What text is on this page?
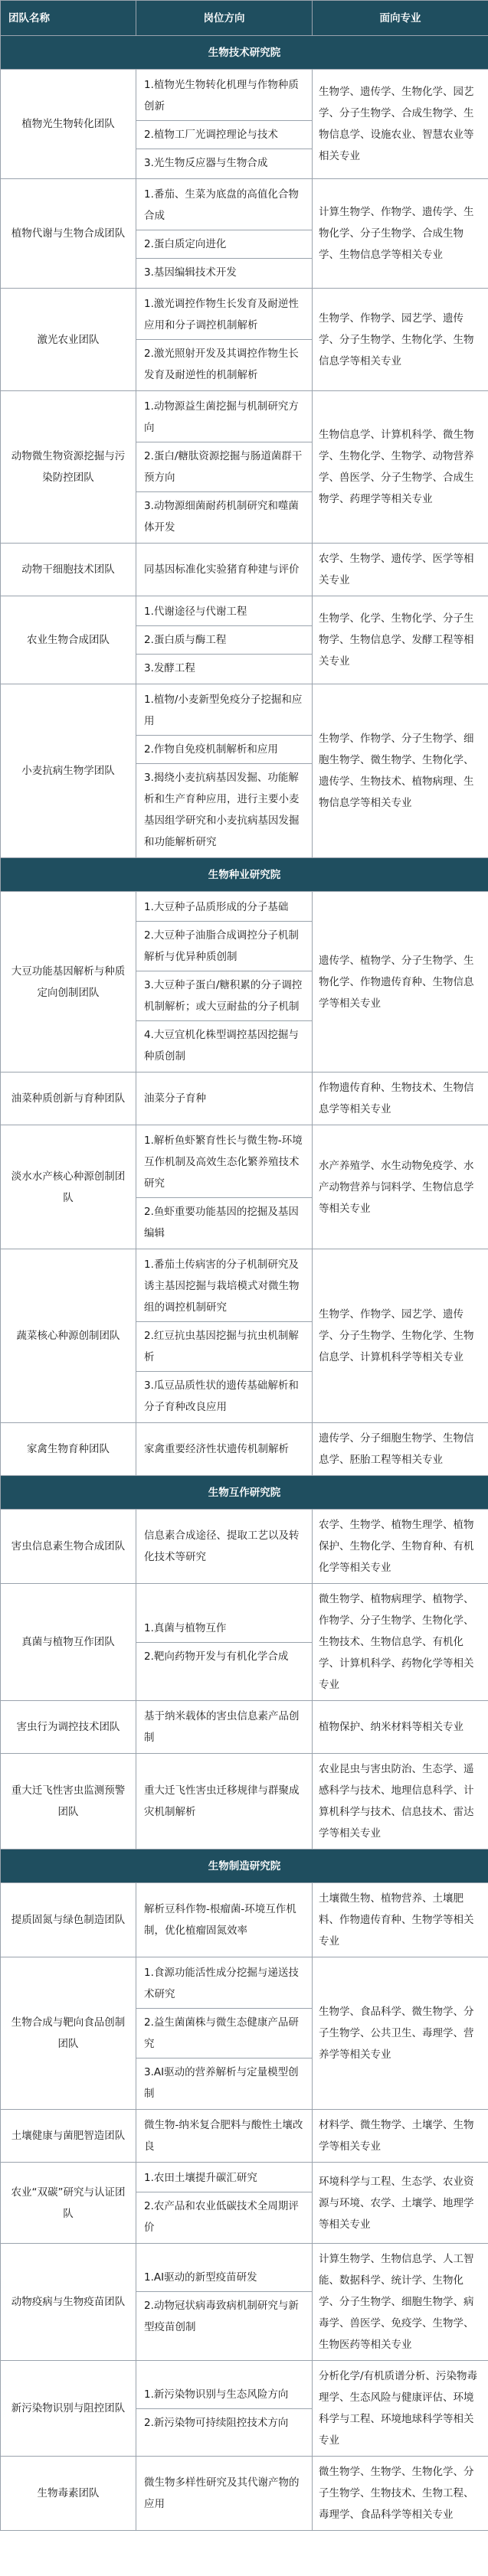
团队名称	岗位方向	面向专业
生物技术研究院		
植物光生物转化团队	1.植物光生物转化机理与作物种质创新

2.植物工厂光调控理论与技术

3.光生物反应器与生物合成	生物学、遗传学、生物化学、园艺学、分子生物学、合成生物学、生物信息学、设施农业、智慧农业等相关专业
植物代谢与生物合成团队	1.番茄、生菜为底盘的高值化合物合成

2.蛋白质定向进化

3.基因编辑技术开发	计算生物学、作物学、遗传学、生物化学、分子生物学、合成生物学、生物信息学等相关专业
激光农业团队	1.激光调控作物生长发育及耐逆性应用和分子调控机制解析

2.激光照射开发及其调控作物生长发育及耐逆性的机制解析	生物学、作物学、园艺学、遗传学、分子生物学、生物化学、生物信息学等相关专业
动物微生物资源挖掘与污染防控团队	1.动物源益生菌挖掘与机制研究方向

2.蛋白/糖肽资源挖掘与肠道菌群干预方向

3.动物源细菌耐药机制研究和噬菌体开发	生物信息学、计算机科学、微生物学、生物化学、生物学、动物营养学、兽医学、分子生物学、合成生物学、药理学等相关专业
动物干细胞技术团队	同基因标准化实验猪育种建与评价	农学、生物学、遗传学、医学等相关专业
农业生物合成团队	1.代谢途径与代谢工程

2.蛋白质与酶工程

3.发酵工程	生物学、化学、生物化学、分子生物学、生物信息学、发酵工程等相关专业
小麦抗病生物学团队	1.植物/小麦新型免疫分子挖掘和应用

2.作物自免疫机制解析和应用

3.揭绕小麦抗病基因发掘、功能解析和生产育种应用，进行主要小麦基因组学研究和小麦抗病基因发掘和功能解析研究	生物学、作物学、分子生物学、细胞生物学、微生物学、生物化学、遗传学、生物技术、植物病理、生物信息学等相关专业
生物种业研究院		
大豆功能基因解析与种质定向创制团队	1.大豆种子品质形成的分子基础

2.大豆种子油脂合成调控分子机制解析与优异种质创制

3.大豆种子蛋白/糖积累的分子调控机制解析；或大豆耐盐的分子机制

4.大豆宜机化株型调控基因挖掘与种质创制	遗传学、植物学、分子生物学、生物化学、作物遗传育种、生物信息学等相关专业
油菜种质创新与育种团队	油菜分子育种	作物遗传育种、生物技术、生物信息学等相关专业
淡水水产核心种源创制团队	1.解析鱼虾繁育性长与微生物-环境互作机制及高效生态化繁养殖技术研究

2.鱼虾重要功能基因的挖掘及基因编辑	水产养殖学、水生动物免疫学、水产动物营养与饲料学、生物信息学等相关专业
蔬菜核心种源创制团队	1.番茄土传病害的分子机制研究及诱主基因挖掘与栽培模式对微生物组的调控机制研究

2.红豆抗虫基因挖掘与抗虫机制解析

3.瓜豆品质性状的遗传基础解析和分子育种改良应用	生物学、作物学、园艺学、遗传学、分子生物学、生物化学、生物信息学、计算机科学等相关专业
家禽生物育种团队	家禽重要经济性状遗传机制解析	遗传学、分子细胞生物学、生物信息学、胚胎工程等相关专业
生物互作研究院		
害虫信息素生物合成团队	信息素合成途径、提取工艺以及转化技术等研究	农学、生物学、植物生理学、植物保护、生物化学、生物育种、有机化学等相关专业
真菌与植物互作团队	1.真菌与植物互作

2.靶向药物开发与有机化学合成	微生物学、植物病理学、植物学、作物学、分子生物学、生物化学、生物技术、生物信息学、有机化学、计算机科学、药物化学等相关专业
害虫行为调控技术团队	基于纳米载体的害虫信息素产品创制	植物保护、纳米材料等相关专业
重大迁飞性害虫监测预警团队	重大迁飞性害虫迁移规律与群聚成灾机制解析	农业昆虫与害虫防治、生态学、遥感科学与技术、地理信息科学、计算机科学与技术、信息技术、雷达学等相关专业
生物制造研究院		
提质固氮与绿色制造团队	解析豆科作物-根瘤菌-环境互作机制，优化植瘤固氮效率	土壤微生物、植物营养、土壤肥料、作物遗传育种、生物学等相关专业
生物合成与靶向食品创制团队	1.食源功能活性成分挖掘与递送技术研究

2.益生菌菌株与微生态健康产品研究

3.AI驱动的营养解析与定量模型创制	生物学、食品科学、微生物学、分子生物学、公共卫生、毒理学、营养学等相关专业
土壤健康与菌肥智造团队	微生物-纳米复合肥料与酸性土壤改良	材料学、微生物学、土壤学、生物学等相关专业
农业“双碳”研究与认证团队	1.农田土壤提升碳汇研究

2.农产品和农业低碳技术全周期评价	环境科学与工程、生态学、农业资源与环境、农学、土壤学、地理学等相关专业
动物疫病与生物疫苗团队	1.AI驱动的新型疫苗研发

2.动物冠状病毒致病机制研究与新型疫苗创制	计算生物学、生物信息学、人工智能、数据科学、统计学、生物化学、分子生物学、细胞生物学、病毒学、兽医学、免疫学、生物学、生物医药等相关专业
新污染物识别与阻控团队	1.新污染物识别与生态风险方向

2.新污染物可持续阻控技术方向	分析化学/有机质谱分析、污染物毒理学、生态风险与健康评估、环境科学与工程、环境地球科学等相关专业
生物毒素团队	微生物多样性研究及其代谢产物的应用	微生物学、生物学、生物化学、分子生物学、生物技术、生物工程、毒理学、食品科学等相关专业
